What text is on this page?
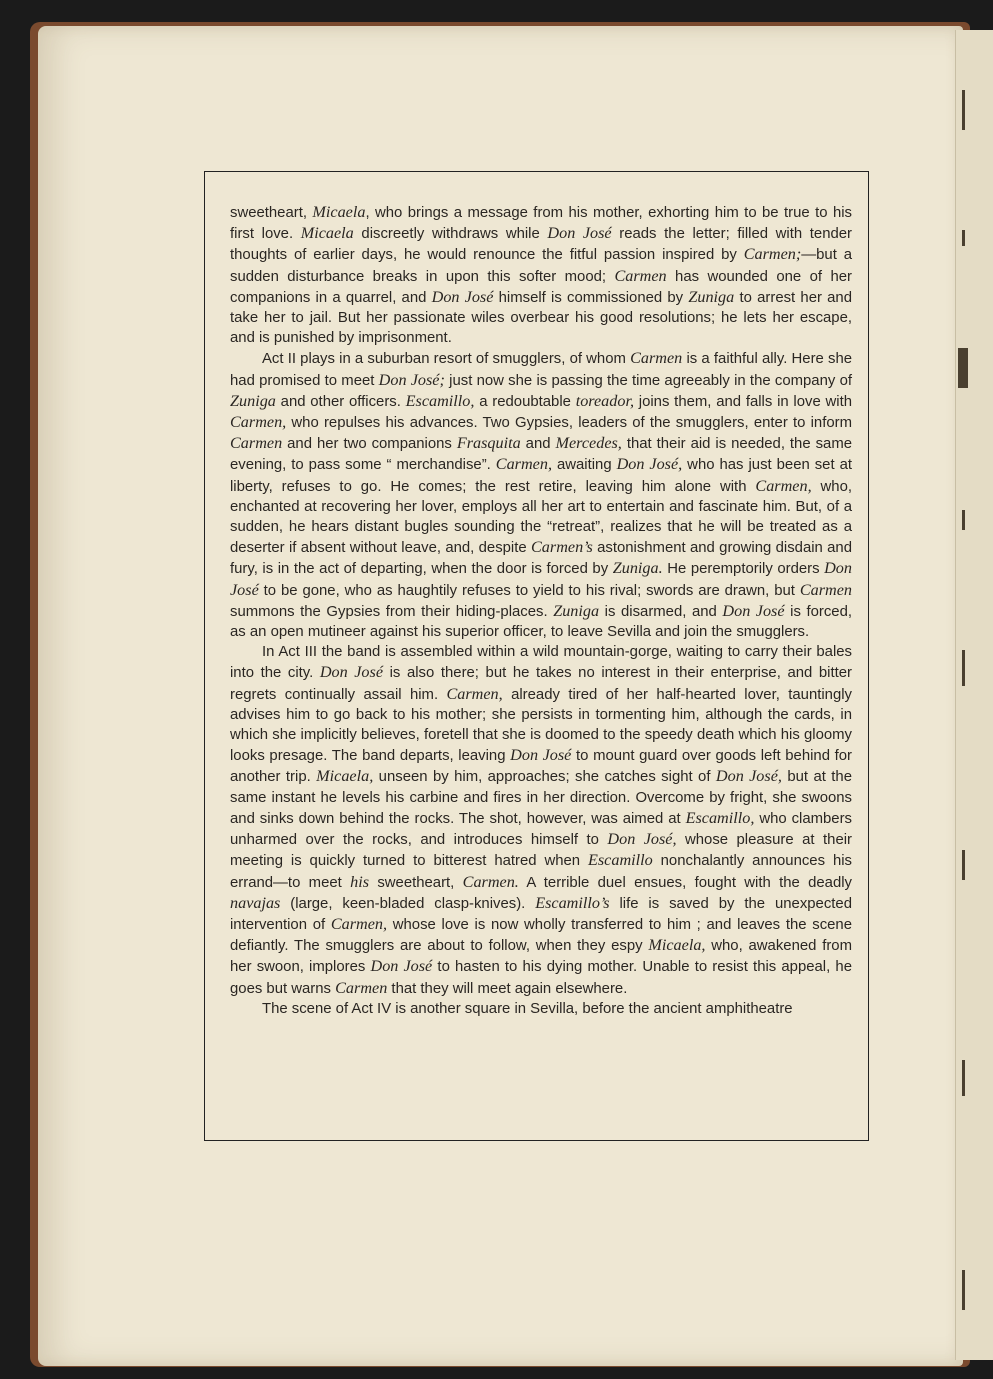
sweetheart, Micaela, who brings a message from his mother, exhorting him to be true to his first love. Micaela discreetly withdraws while Don José reads the letter; filled with tender thoughts of earlier days, he would renounce the fitful passion inspired by Carmen;—but a sudden disturbance breaks in upon this softer mood; Carmen has wounded one of her companions in a quarrel, and Don José himself is commissioned by Zuniga to arrest her and take her to jail. But her passionate wiles overbear his good resolutions; he lets her escape, and is punished by imprisonment.

Act II plays in a suburban resort of smugglers, of whom Carmen is a faithful ally. Here she had promised to meet Don José; just now she is passing the time agreeably in the company of Zuniga and other officers. Escamillo, a redoubtable toreador, joins them, and falls in love with Carmen, who repulses his advances. Two Gypsies, leaders of the smugglers, enter to inform Carmen and her two companions Frasquita and Mercedes, that their aid is needed, the same evening, to pass some “ merchandise”. Carmen, awaiting Don José, who has just been set at liberty, refuses to go. He comes; the rest retire, leaving him alone with Carmen, who, enchanted at recovering her lover, employs all her art to entertain and fascinate him. But, of a sudden, he hears distant bugles sounding the “retreat”, realizes that he will be treated as a deserter if absent without leave, and, despite Carmen’s astonishment and growing disdain and fury, is in the act of departing, when the door is forced by Zuniga. He peremptorily orders Don José to be gone, who as haughtily refuses to yield to his rival; swords are drawn, but Carmen summons the Gypsies from their hiding-places. Zuniga is disarmed, and Don José is forced, as an open mutineer against his superior officer, to leave Sevilla and join the smugglers.

In Act III the band is assembled within a wild mountain-gorge, waiting to carry their bales into the city. Don José is also there; but he takes no interest in their enterprise, and bitter regrets continually assail him. Carmen, already tired of her half-hearted lover, tauntingly advises him to go back to his mother; she persists in tormenting him, although the cards, in which she implicitly believes, foretell that she is doomed to the speedy death which his gloomy looks presage. The band departs, leaving Don José to mount guard over goods left behind for another trip. Micaela, unseen by him, approaches; she catches sight of Don José, but at the same instant he levels his carbine and fires in her direction. Overcome by fright, she swoons and sinks down behind the rocks. The shot, however, was aimed at Escamillo, who clambers unharmed over the rocks, and introduces himself to Don José, whose pleasure at their meeting is quickly turned to bitterest hatred when Escamillo nonchalantly announces his errand—to meet his sweetheart, Carmen. A terrible duel ensues, fought with the deadly navajas (large, keen-bladed clasp-knives). Escamillo’s life is saved by the unexpected intervention of Carmen, whose love is now wholly transferred to him ; and leaves the scene defiantly. The smugglers are about to follow, when they espy Micaela, who, awakened from her swoon, implores Don José to hasten to his dying mother. Unable to resist this appeal, he goes but warns Carmen that they will meet again elsewhere.

The scene of Act IV is another square in Sevilla, before the ancient amphitheatre
